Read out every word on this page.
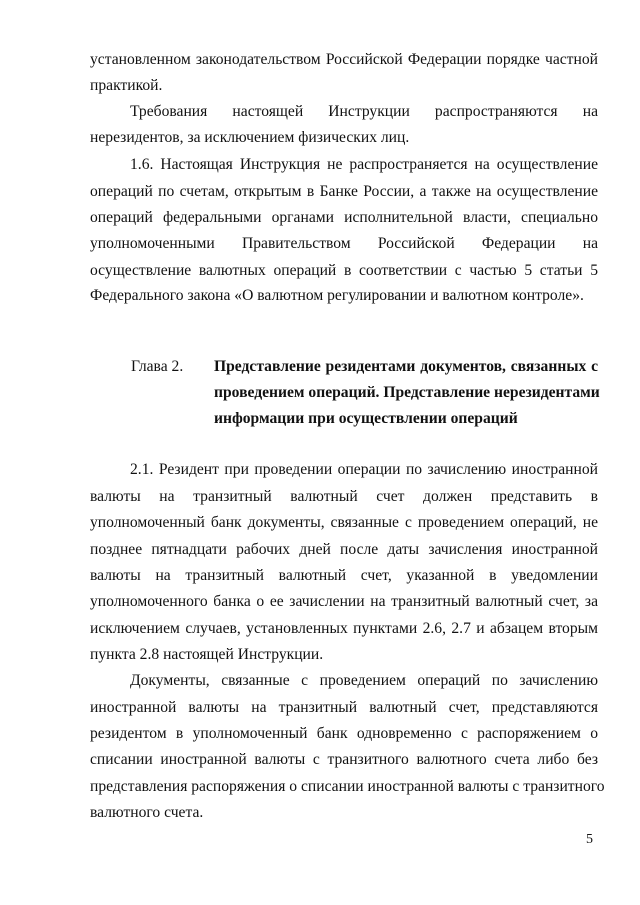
установленном законодательством Российской Федерации порядке частной
практикой.
Требования настоящей Инструкции распространяются на
нерезидентов, за исключением физических лиц.
1.6. Настоящая Инструкция не распространяется на осуществление
операций по счетам, открытым в Банке России, а также на осуществление
операций федеральными органами исполнительной власти, специально
уполномоченными Правительством Российской Федерации на
осуществление валютных операций в соответствии с частью 5 статьи 5
Федерального закона «О валютном регулировании и валютном контроле».
Глава 2. Представление резидентами документов, связанных с
проведением операций. Представление нерезидентами
информации при осуществлении операций
2.1. Резидент при проведении операции по зачислению иностранной
валюты на транзитный валютный счет должен представить в
уполномоченный банк документы, связанные с проведением операций, не
позднее пятнадцати рабочих дней после даты зачисления иностранной
валюты на транзитный валютный счет, указанной в уведомлении
уполномоченного банка о ее зачислении на транзитный валютный счет, за
исключением случаев, установленных пунктами 2.6, 2.7 и абзацем вторым
пункта 2.8 настоящей Инструкции.
Документы, связанные с проведением операций по зачислению
иностранной валюты на транзитный валютный счет, представляются
резидентом в уполномоченный банк одновременно с распоряжением о
списании иностранной валюты с транзитного валютного счета либо без
представления распоряжения о списании иностранной валюты с транзитного
валютного счета.
5
